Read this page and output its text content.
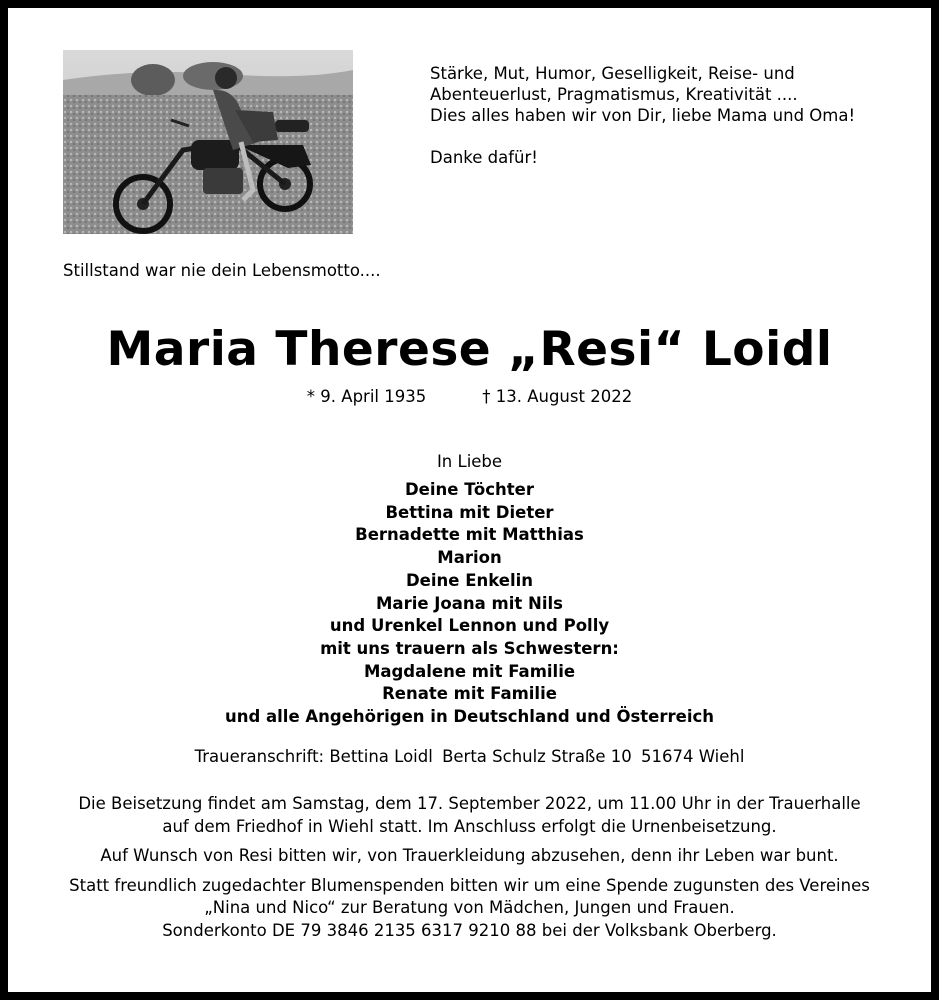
Stärke, Mut, Humor, Geselligkeit, Reise- und

Abenteuerlust, Pragmatismus, Kreativität ....

Dies alles haben wir von Dir, liebe Mama und Oma!

Danke dafür!

Stillstand war nie dein Lebensmotto....
Maria Therese „Resi“ Loidl
* 9. April 1935	† 13. August 2022
In Liebe
Deine Töchter
Bettina mit Dieter
Bernadette mit Matthias
Marion
Deine Enkelin
Marie Joana mit Nils
und Urenkel Lennon und Polly
mit uns trauern als Schwestern:
Magdalene mit Familie
Renate mit Familie
und alle Angehörigen in Deutschland und Österreich
Traueranschrift: Bettina Loidl Berta Schulz Straße 10 51674 Wiehl

Die Beisetzung findet am Samstag, dem 17. September 2022, um 11.00 Uhr in der Trauerhalle
auf dem Friedhof in Wiehl statt. Im Anschluss erfolgt die Urnenbeisetzung.

Auf Wunsch von Resi bitten wir, von Trauerkleidung abzusehen, denn ihr Leben war bunt.

Statt freundlich zugedachter Blumenspenden bitten wir um eine Spende zugunsten des Vereines
„Nina und Nico“ zur Beratung von Mädchen, Jungen und Frauen.
Sonderkonto DE 79 3846 2135 6317 9210 88 bei der Volksbank Oberberg.
